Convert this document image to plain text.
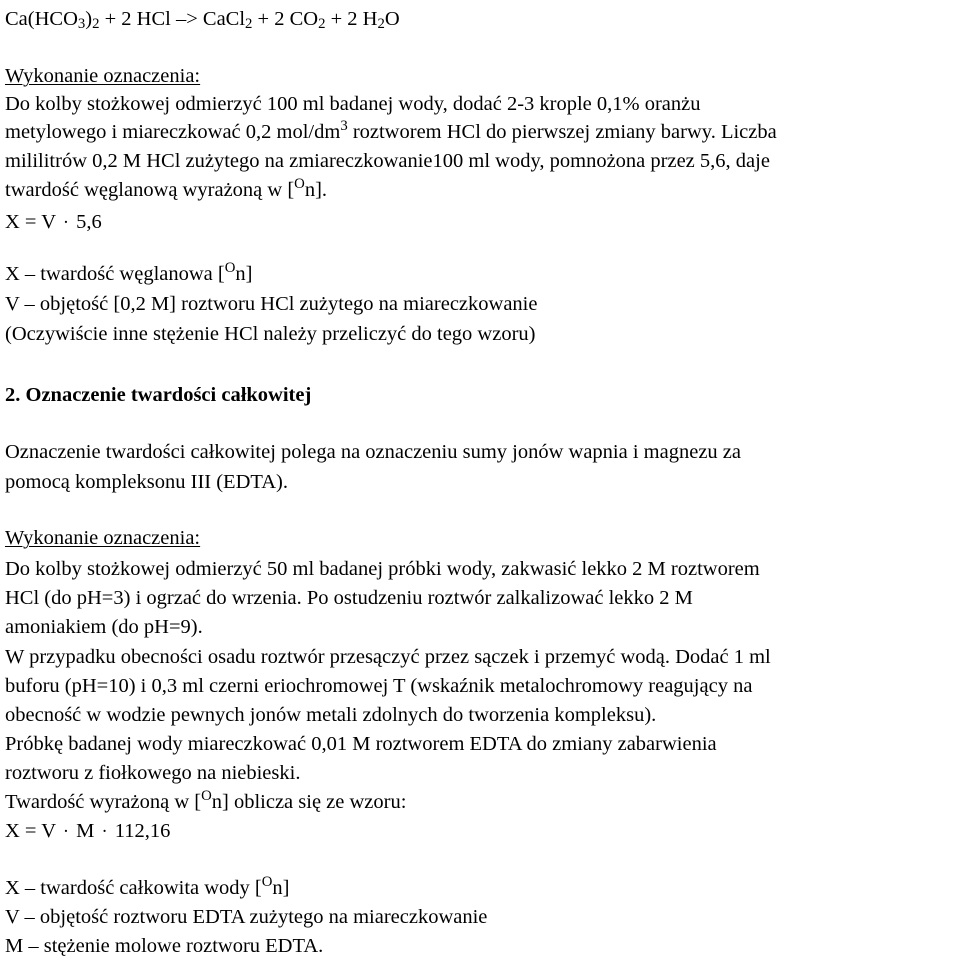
$Ca(HCO_3)_2 + 2$ HCl –> CaCl$_2$ + 2 $CO_2 + 2$ $H_2O$
Wykonanie oznaczenia:
Do kolby stożkowej odmierzyć 100 ml badanej wody, dodać 2-3 krople 0,1% oranżu
metylowego i miareczkować 0,2 mol/$dm^3$ roztworem HCl do pierwszej zmiany barwy. Liczba
mililitrów 0,2 M HCl zużytego na zmiareczkowanie100 ml wody, pomnożona przez 5,6, daje
twardość węglanową wyrażoną w [$^O$n].
X = V · 5,6
X – twardość węglanowa [$^O$n]
V – objętość [0,2 M] roztworu HCl zużytego na miareczkowanie
(Oczywiście inne stężenie HCl należy przeliczyć do tego wzoru)
2. Oznaczenie twardości całkowitej
Oznaczenie twardości całkowitej polega na oznaczeniu sumy jonów wapnia i magnezu za
pomocą kompleksonu III (EDTA).
Wykonanie oznaczenia:
Do kolby stożkowej odmierzyć 50 ml badanej próbki wody, zakwasić lekko 2 M roztworem
HCl (do pH=3) i ogrzać do wrzenia. Po ostudzeniu roztwór zalkalizować lekko 2 M
amoniakiem (do pH=9).
W przypadku obecności osadu roztwór przesączyć przez sączek i przemyć wodą. Dodać 1 ml
buforu (pH=10) i 0,3 ml czerni eriochromowej T (wskaźnik metalochromowy reagujący na
obecność w wodzie pewnych jonów metali zdolnych do tworzenia kompleksu).
Próbkę badanej wody miareczkować 0,01 M roztworem EDTA do zmiany zabarwienia
roztworu z fiołkowego na niebieski.
Twardość wyrażoną w [$^O$n] oblicza się ze wzoru:
X = V · M · 112,16
X – twardość całkowita wody [$^O$n]
V – objętość roztworu EDTA zużytego na miareczkowanie
M – stężenie molowe roztworu EDTA.
